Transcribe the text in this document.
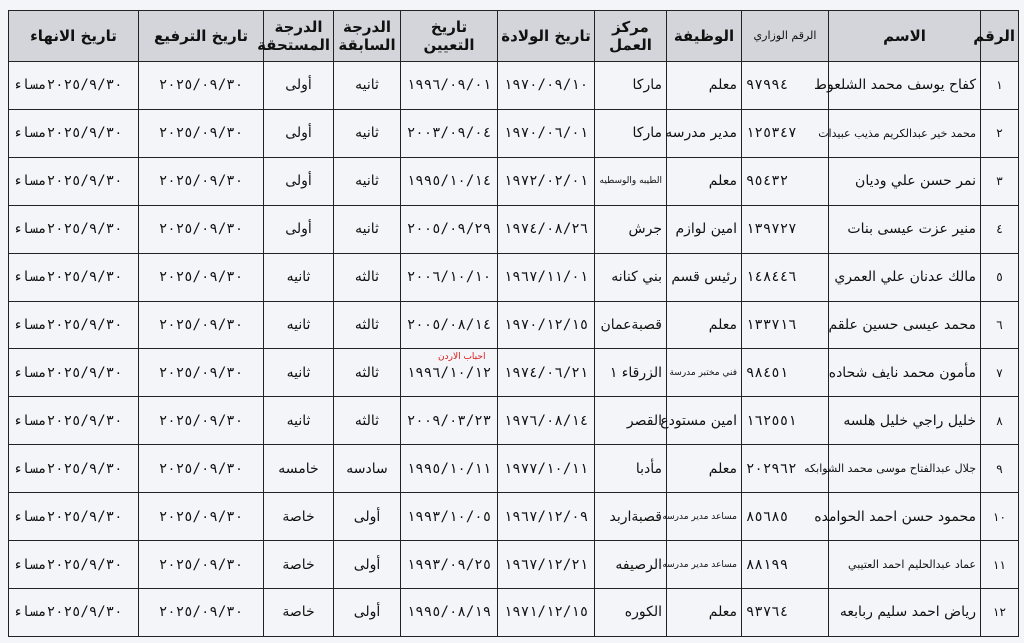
الرقم	الاسم	الرقم الوزاري	الوظيفة	مركز العمل	تاريخ الولادة	تاريخ التعيين	الدرجة السابقة	الدرجة المستحقة	تاريخ الترفيع	تاريخ الانهاء
١	كفاح يوسف محمد الشلعوط	٩٧٩٩٤	معلم	ماركا	١٩٧٠/٠٩/١٠	١٩٩٦/٠٩/٠١	ثانيه	أولى	٢٠٢٥/٠٩/٣٠	٢٠٢٥/٩/٣٠مساء
٢	محمد خير عبدالكريم مذيب عبيدات	١٢٥٣٤٧	مدير مدرسه	ماركا	١٩٧٠/٠٦/٠١	٢٠٠٣/٠٩/٠٤	ثانيه	أولى	٢٠٢٥/٠٩/٣٠	٢٠٢٥/٩/٣٠مساء
٣	نمر حسن علي وديان	٩٥٤٣٢	معلم	الطيبه والوسطيه	١٩٧٢/٠٢/٠١	١٩٩٥/١٠/١٤	ثانيه	أولى	٢٠٢٥/٠٩/٣٠	٢٠٢٥/٩/٣٠مساء
٤	منير عزت عيسى بنات	١٣٩٧٢٧	امين لوازم	جرش	١٩٧٤/٠٨/٢٦	٢٠٠٥/٠٩/٢٩	ثانيه	أولى	٢٠٢٥/٠٩/٣٠	٢٠٢٥/٩/٣٠مساء
٥	مالك عدنان علي العمري	١٤٨٤٤٦	رئيس قسم	بني كنانه	١٩٦٧/١١/٠١	٢٠٠٦/١٠/١٠	ثالثه	ثانيه	٢٠٢٥/٠٩/٣٠	٢٠٢٥/٩/٣٠مساء
٦	محمد عيسى حسين علقم	١٣٣٧١٦	معلم	قصبةعمان	١٩٧٠/١٢/١٥	٢٠٠٥/٠٨/١٤	ثالثه	ثانيه	٢٠٢٥/٠٩/٣٠	٢٠٢٥/٩/٣٠مساء
٧	مأمون محمد نايف شحاده	٩٨٤٥١	فني مختبر مدرسة	الزرقاء ١	١٩٧٤/٠٦/٢١	١٩٩٦/١٠/١٢	ثالثه	ثانيه	٢٠٢٥/٠٩/٣٠	٢٠٢٥/٩/٣٠مساء
٨	خليل راجي خليل هلسه	١٦٢٥٥١	امين مستودع	القصر	١٩٧٦/٠٨/١٤	٢٠٠٩/٠٣/٢٣	ثالثه	ثانيه	٢٠٢٥/٠٩/٣٠	٢٠٢٥/٩/٣٠مساء
٩	جلال عبدالفتاح موسى محمد الشوابكه	٢٠٢٩٦٢	معلم	مأدبا	١٩٧٧/١٠/١١	١٩٩٥/١٠/١١	سادسه	خامسه	٢٠٢٥/٠٩/٣٠	٢٠٢٥/٩/٣٠مساء
١٠	محمود حسن احمد الحوامده	٨٥٦٨٥	مساعد مدير مدرسه	قصبةاربد	١٩٦٧/١٢/٠٩	١٩٩٣/١٠/٠٥	أولى	خاصة	٢٠٢٥/٠٩/٣٠	٢٠٢٥/٩/٣٠مساء
١١	عماد عبدالحليم احمد العتيبي	٨٨١٩٩	مساعد مدير مدرسه	الرصيفه	١٩٦٧/١٢/٢١	١٩٩٣/٠٩/٢٥	أولى	خاصة	٢٠٢٥/٠٩/٣٠	٢٠٢٥/٩/٣٠مساء
١٢	رياض احمد سليم ربابعه	٩٣٧٦٤	معلم	الكوره	١٩٧١/١٢/١٥	١٩٩٥/٠٨/١٩	أولى	خاصة	٢٠٢٥/٠٩/٣٠	٢٠٢٥/٩/٣٠مساء
احباب الاردن
